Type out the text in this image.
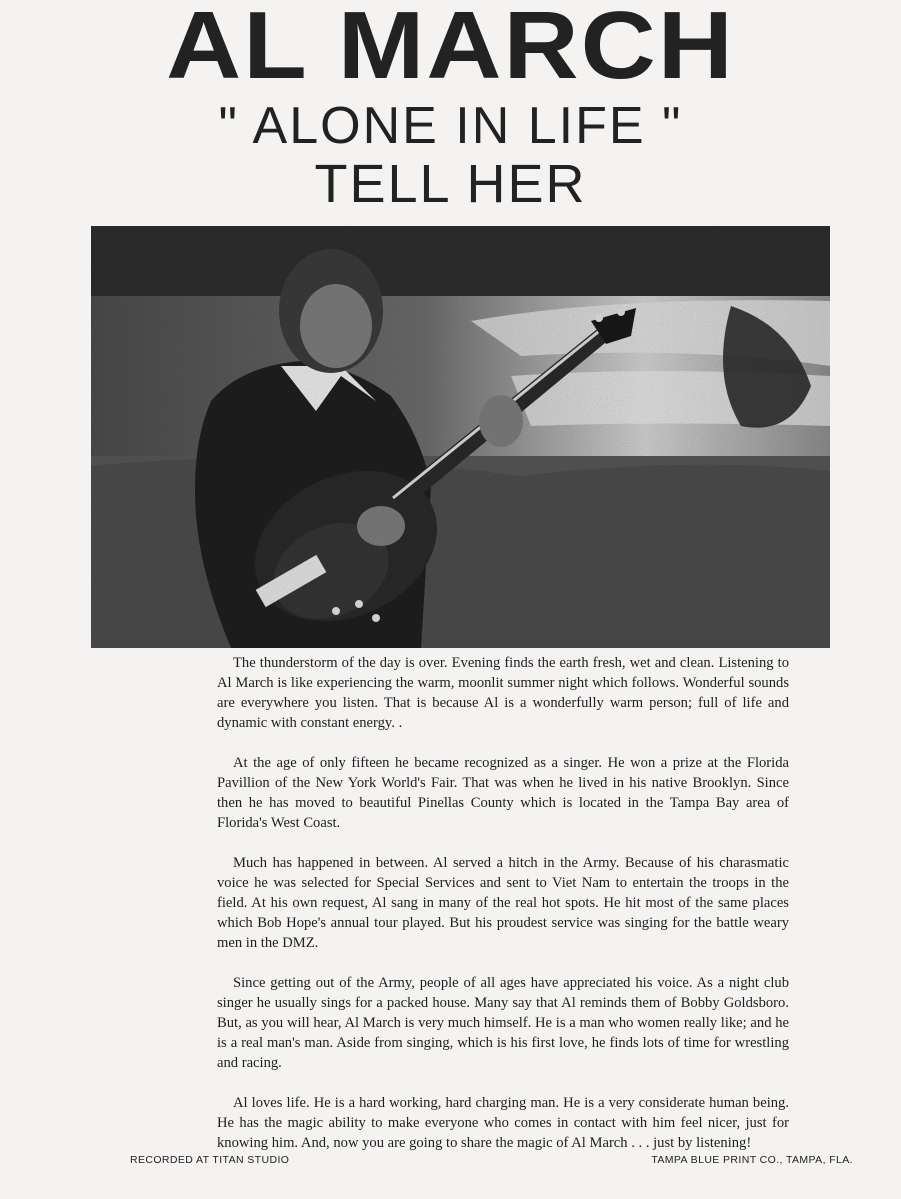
AL MARCH
" ALONE IN LIFE "
TELL HER

The thunderstorm of the day is over. Evening finds the earth fresh, wet and clean. Listening to Al March is like experiencing the warm, moonlit summer night which follows. Wonderful sounds are everywhere you listen. That is because Al is a wonderfully warm person; full of life and dynamic with constant energy. .

At the age of only fifteen he became recognized as a singer. He won a prize at the Florida Pavillion of the New York World's Fair. That was when he lived in his native Brooklyn. Since then he has moved to beautiful Pinellas County which is located in the Tampa Bay area of Florida's West Coast.

Much has happened in between. Al served a hitch in the Army. Because of his charasmatic voice he was selected for Special Services and sent to Viet Nam to entertain the troops in the field. At his own request, Al sang in many of the real hot spots. He hit most of the same places which Bob Hope's annual tour played. But his proudest service was singing for the battle weary men in the DMZ.

Since getting out of the Army, people of all ages have appreciated his voice. As a night club singer he usually sings for a packed house. Many say that Al reminds them of Bobby Goldsboro. But, as you will hear, Al March is very much himself. He is a man who women really like; and he is a real man's man. Aside from singing, which is his first love, he finds lots of time for wrestling and racing.

Al loves life. He is a hard working, hard charging man. He is a very considerate human being. He has the magic ability to make everyone who comes in contact with him feel nicer, just for knowing him. And, now you are going to share the magic of Al March . . . just by listening!

RECORDED AT TITAN STUDIO	TAMPA BLUE PRINT CO., TAMPA, FLA.
